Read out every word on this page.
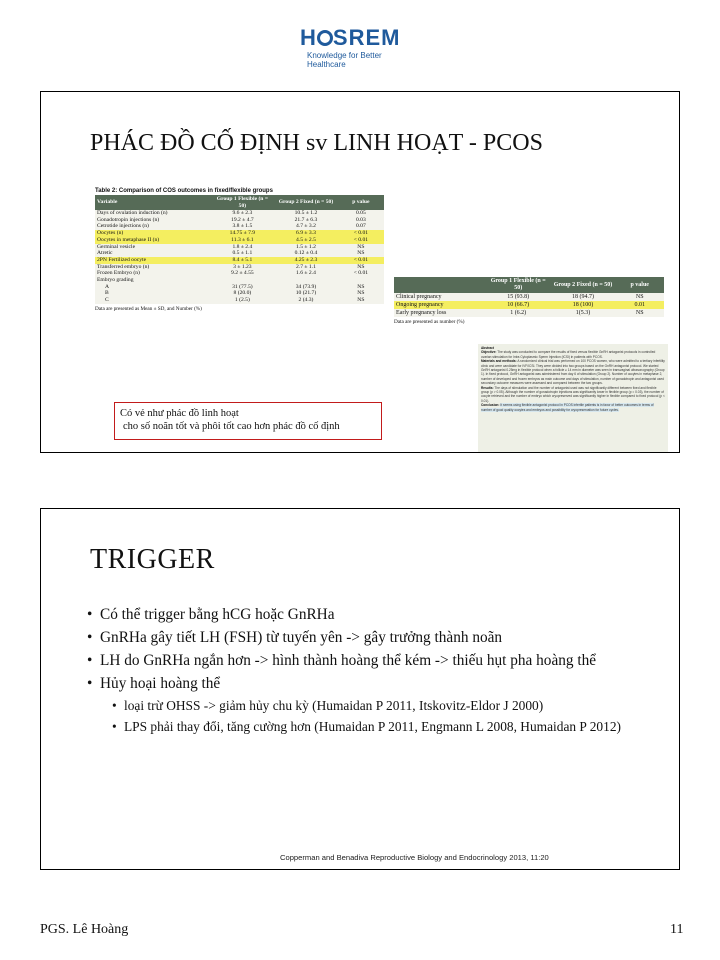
H SREM
Knowledge for Better Healthcare
PHÁC ĐỒ CỐ ĐỊNH sv LINH HOẠT - PCOS
Table 2: Comparison of COS outcomes in fixed/flexible groups
Variable	Group 1 Flexible (n = 50)	Group 2 Fixed (n = 50)	p value
Days of ovulation induction (n)	9.6 ± 2.3	10.5 ± 1.2	0.05
Gonadotropin injections (n)	19.2 ± 4.7	21.7 ± 6.3	0.03
Cetrotide injections (n)	3.8 ± 1.5	4.7 ± 3.2	0.07
Oocytes (n)	14.75 ± 7.9	6.9 ± 3.3	< 0.01
Oocytes in metaphase II (n)	11.3 ± 6.1	4.5 ± 2.5	< 0.01
Germinal vesicle	1.8 ± 2.4	1.5 ± 1.2	NS
Atretic	0.5 ± 1.1	0.12 ± 0.4	NS
2PN Fertilized oocyte	8.4 ± 5.1	4.25 ± 2.3	< 0.01
Transferred embryo (n)	3 ± 1.23	2.7 ± 1.1	NS
Frozen Embryo (n)	9.2 ± 4.55	1.6 ± 2.4	< 0.01
Embryo grading			
A	31 (77.5)	34 (73.9)	NS
B	8 (20.0)	10 (21.7)	NS
C	1 (2.5)	2 (4.3)	NS
Data are presented as Mean ± SD, and Number (%)
	Group 1 Flexible (n = 50)	Group 2 Fixed (n = 50)	p value
Clinical pregnancy	15 (93.8)	18 (94.7)	NS
Ongoing pregnancy	10 (66.7)	18 (100)	0.01
Early pregnancy loss	1 (6.2)	1(5.3)	NS
Data are presented as number (%)
Abstract
Objective: The study was conducted to compare the results of fixed versus flexible GnRH antagonist protocols in controlled ovarian stimulation for Intra Cytoplasmic Sperm Injection (ICSI) in patients with PCOS.
Materials and methods: A randomized clinical trial was performed on 100 PCOS women, who were admitted to a tertiary infertility clinic and were candidate for IVF/ICSI. They were divided into two groups based on the GnRH antagonist protocol. We started GnRH antagonist 0.25mg in flexible protocol when a follicle ≥ 14 mm in diameter was seen in transvaginal ultrasonography (Group 1). In fixed protocol, GnRH antagonist was administered from day 6 of stimulation (Group 2). Number of oocytes in metaphase 2, number of developed and frozen embryos as main outcome and days of stimulation, number of gonadotropin and antagonist used secondary outcome measures were assessed and compared between the two groups.
Results: The days of stimulation and the number of antagonist used was not significantly different between fixed and flexible group (p > 0.05). Although the number of gonadotropin injections was significantly lower in flexible group (p = 0.03), the number of oocyte retrieved and the number of embryo which cryopreserved was significantly higher in flexible compared to fixed protocol (p < 0.01).
Conclusion: It seems using flexible antagonist protocol in PCOS infertile patients is in favor of better outcomes in terms of number of good quality oocytes and embryos and possibility for cryopreservation for future cycles.
Có vẻ như phác đồ linh hoạt
cho số noãn tốt và phôi tốt cao hơn phác đồ cố định
TRIGGER
• Có thể trigger bằng hCG hoặc GnRHa
• GnRHa gây tiết LH (FSH) từ tuyến yên -> gây trưởng thành noãn
• LH do GnRHa ngắn hơn -> hình thành hoàng thể kém -> thiếu hụt pha hoàng thể
• Hủy hoại hoàng thể
• loại trừ OHSS -> giảm hủy chu kỳ (Humaidan P 2011, Itskovitz-Eldor J 2000)
• LPS phải thay đổi, tăng cường hơn (Humaidan P 2011, Engmann L 2008, Humaidan P 2012)
Copperman and Benadiva Reproductive Biology and Endocrinology 2013, 11:20
PGS. Lê Hoàng	11
